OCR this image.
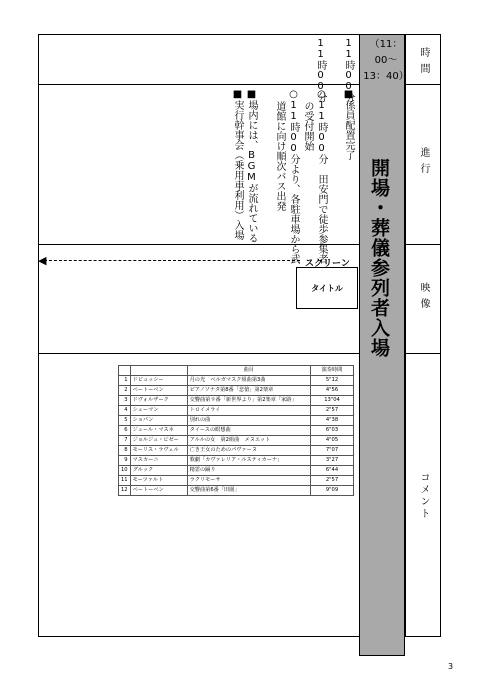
（11：00〜
13：40）
開場・葬儀参列者入場
時間
進行
映像
コメント
11時00分
11時00分
■係員配置完了
○11時00分　田安門で徒歩参集者
の受付開始
○11時00分より、各駐車場から武
道館に向け順次バス出発
■場内には、BGMが流れている
■実行幹事会（乗用車利用）入場
◀	スクリーン
タイトル
		曲目	演奏時間
1	ドビュッシー	月の光　ベルガマスク組曲第3曲	5"12
2	ベートーベン	ピアノソナタ第8番「悲愴」第2楽章	4"56
3	ドヴォルザーク	交響曲第９番「新世界より」第2楽章「家路」	13"04
4	シューマン	トロイメライ	2"57
5	ショパン	別れの曲	4"38
6	ジュール・マスネ	タイースの瞑想曲	6"03
7	ジョルジュ・ビゼー	アルルの女　第2組曲　メヌエット	4"05
8	モーリス・ラヴェル	亡き王女のためのパヴァーヌ	7"07
9	マスカーニ	歌劇「カヴァレリア・ルスティカーナ」	3"27
10	グルック	精霊の踊り	6"44
11	モーツァルト	ラクリモーサ	2"57
12	ベートーベン	交響曲第6番「田園」	9"09
3
